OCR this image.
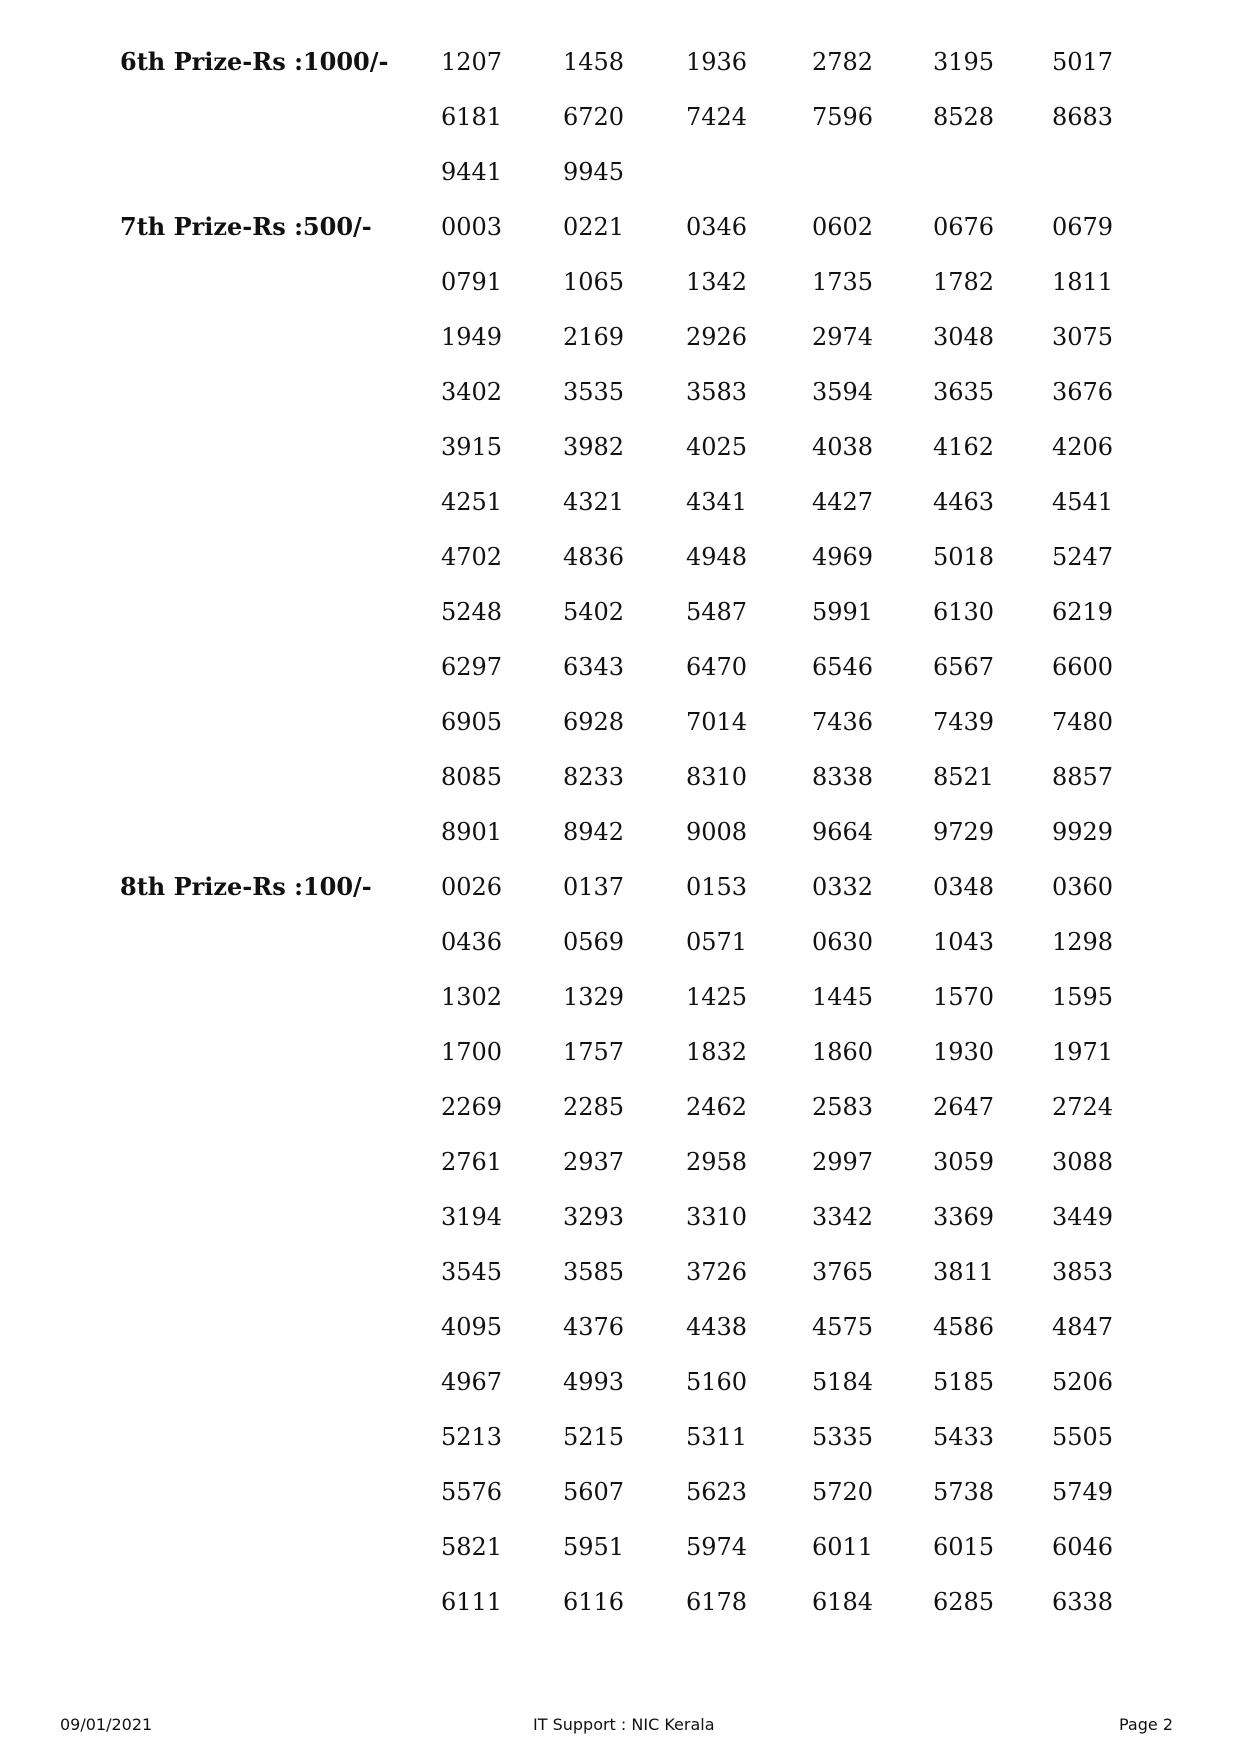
6th Prize-Rs :1000/- 1207	1458	1936	2782 3195 5017
6181	6720	7424	7596 8528 8683
9441	9945
7th Prize-Rs :500/-	0003	0221	0346	0602 0676 0679
0791	1065	1342	1735 1782 1811
1949	2169	2926	2974 3048 3075
3402	3535	3583	3594 3635 3676
3915	3982	4025	4038 4162 4206
4251	4321	4341	4427 4463 4541
4702	4836	4948	4969 5018 5247
5248	5402	5487	5991 6130 6219
6297	6343	6470	6546 6567 6600
6905	6928	7014	7436 7439 7480
8085	8233	8310	8338 8521 8857
8901	8942	9008	9664 9729 9929
8th Prize-Rs :100/-	0026	0137	0153	0332 0348 0360
0436	0569	0571	0630 1043 1298
1302	1329	1425	1445 1570 1595
1700	1757	1832	1860 1930 1971
2269	2285	2462	2583 2647 2724
2761	2937	2958	2997 3059 3088
3194	3293	3310	3342 3369 3449
3545	3585	3726	3765 3811 3853
4095	4376	4438	4575 4586 4847
4967	4993	5160	5184 5185 5206
5213	5215	5311	5335 5433 5505
5576	5607	5623	5720 5738 5749
5821	5951	5974	6011 6015 6046
6111	6116	6178	6184 6285 6338
09/01/2021	IT Support : NIC Kerala	Page 2
